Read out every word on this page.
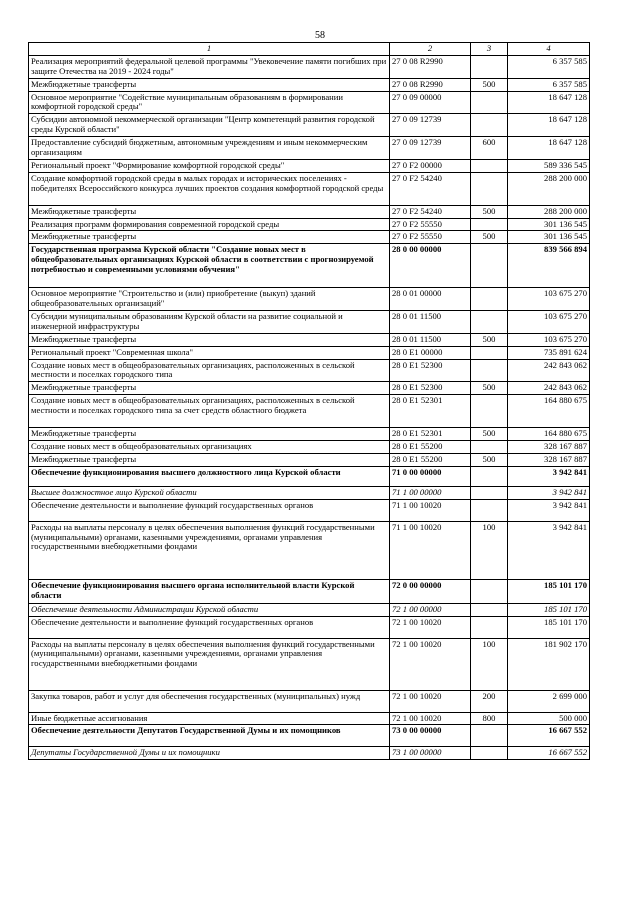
58
1	2	3	4
Реализация мероприятий федеральной целевой программы "Увековечение памяти погибших при защите Отечества на 2019 - 2024 годы"	27 0 08 R2990		6 357 585
Межбюджетные трансферты	27 0 08 R2990	500	6 357 585
Основное мероприятие "Содействие муниципальным образованиям в формировании комфортной городской среды"	27 0 09 00000		18 647 128
Субсидии автономной некоммерческой организации "Центр компетенций развития городской среды Курской области"	27 0 09 12739		18 647 128
Предоставление субсидий бюджетным, автономным учреждениям и иным некоммерческим организациям	27 0 09 12739	600	18 647 128
Региональный проект "Формирование комфортной городской среды"	27 0 F2 00000		589 336 545
Создание комфортной городской среды в малых городах и исторических поселениях - победителях Всероссийского конкурса лучших проектов создания комфортной городской среды	27 0 F2 54240		288 200 000
Межбюджетные трансферты	27 0 F2 54240	500	288 200 000
Реализация программ формирования современной городской среды	27 0 F2 55550		301 136 545
Межбюджетные трансферты	27 0 F2 55550	500	301 136 545
Государственная программа Курской области "Создание новых мест в общеобразовательных организациях Курской области в соответствии с прогнозируемой потребностью и современными условиями обучения"	28 0 00 00000		839 566 894
Основное мероприятие "Строительство и (или) приобретение (выкуп) зданий общеобразовательных организаций"	28 0 01 00000		103 675 270
Субсидии муниципальным образованиям Курской области на развитие социальной и инженерной инфраструктуры	28 0 01 11500		103 675 270
Межбюджетные трансферты	28 0 01 11500	500	103 675 270
Региональный проект "Современная школа"	28 0 E1 00000		735 891 624
Создание новых мест в общеобразовательных организациях, расположенных в сельской местности и поселках городского типа	28 0 E1 52300		242 843 062
Межбюджетные трансферты	28 0 E1 52300	500	242 843 062
Создание новых мест в общеобразовательных организациях, расположенных в сельской местности и поселках городского типа за счет средств областного бюджета	28 0 E1 52301		164 880 675
Межбюджетные трансферты	28 0 E1 52301	500	164 880 675
Создание новых мест в общеобразовательных организациях	28 0 E1 55200		328 167 887
Межбюджетные трансферты	28 0 E1 55200	500	328 167 887
Обеспечение функционирования высшего должностного лица Курской области	71 0 00 00000		3 942 841
Высшее должностное лицо Курской области	71 1 00 00000		3 942 841
Обеспечение деятельности и выполнение функций государственных органов	71 1 00 10020		3 942 841
Расходы на выплаты персоналу в целях обеспечения выполнения функций государственными (муниципальными) органами, казенными учреждениями, органами управления государственными внебюджетными фондами	71 1 00 10020	100	3 942 841
Обеспечение функционирования высшего органа исполнительной власти Курской области	72 0 00 00000		185 101 170
Обеспечение деятельности Администрации Курской области	72 1 00 00000		185 101 170
Обеспечение деятельности и выполнение функций государственных органов	72 1 00 10020		185 101 170
Расходы на выплаты персоналу в целях обеспечения выполнения функций государственными (муниципальными) органами, казенными учреждениями, органами управления государственными внебюджетными фондами	72 1 00 10020	100	181 902 170
Закупка товаров, работ и услуг для обеспечения государственных (муниципальных) нужд	72 1 00 10020	200	2 699 000
Иные бюджетные ассигнования	72 1 00 10020	800	500 000
Обеспечение деятельности Депутатов Государственной Думы и их помощников	73 0 00 00000		16 667 552
Депутаты Государственной Думы и их помощники	73 1 00 00000		16 667 552
